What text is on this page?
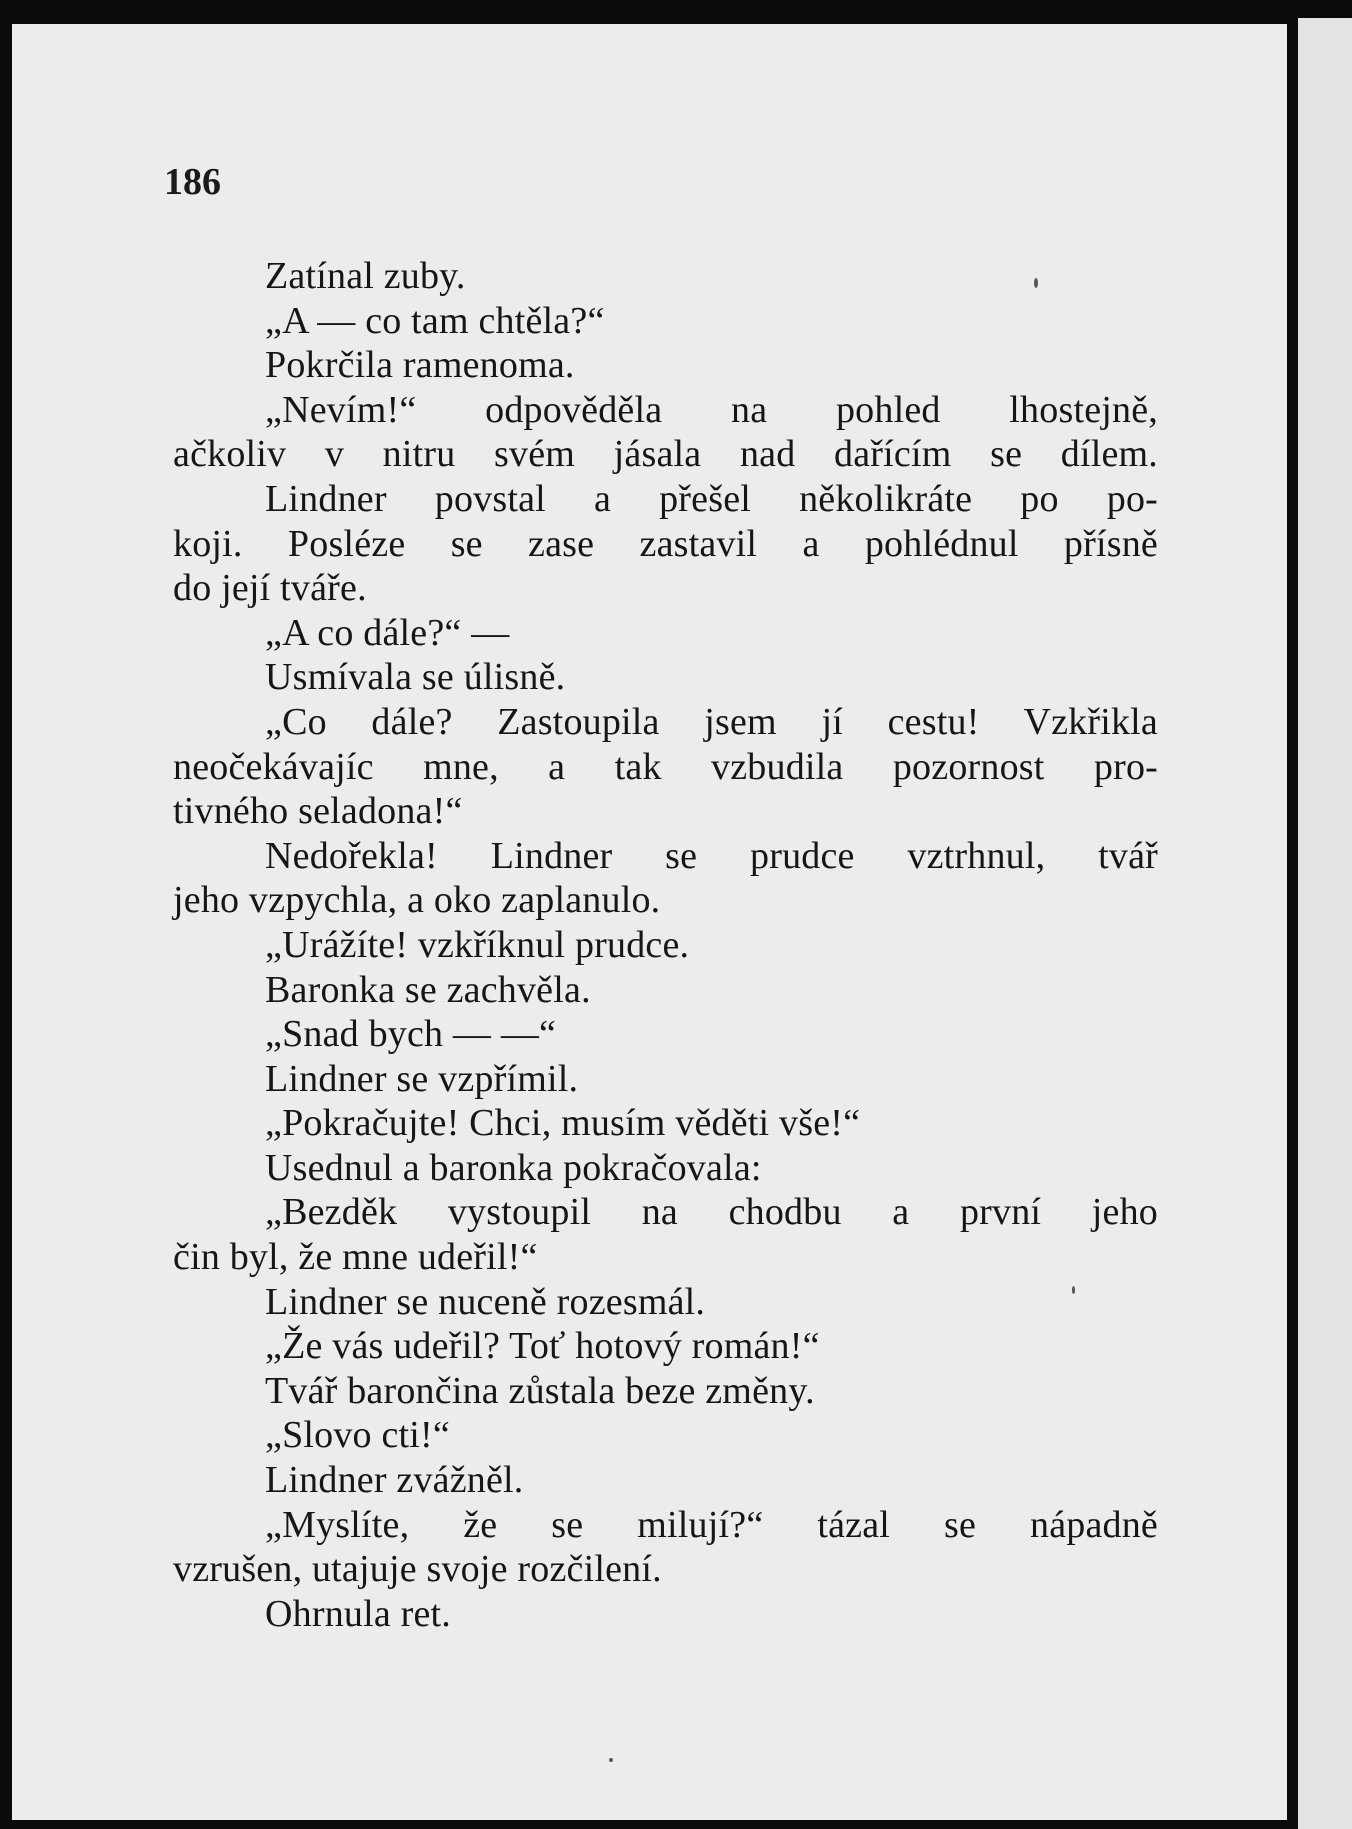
186
Zatínal zuby.
„A — co tam chtěla?“
Pokrčila ramenoma.
„Nevím!“ odpověděla na pohled lhostejně,
ačkoliv v nitru svém jásala nad dařícím se dílem.
Lindner povstal a přešel několikráte po po-
koji. Posléze se zase zastavil a pohlédnul přísně
do její tváře.
„A co dále?“ —
Usmívala se úlisně.
„Co dále? Zastoupila jsem jí cestu! Vzkřikla
neočekávajíc mne, a tak vzbudila pozornost pro-
tivného seladona!“
Nedořekla! Lindner se prudce vztrhnul, tvář
jeho vzpychla, a oko zaplanulo.
„Urážíte! vzkříknul prudce.
Baronka se zachvěla.
„Snad bych — —“
Lindner se vzpřímil.
„Pokračujte! Chci, musím věděti vše!“
Usednul a baronka pokračovala:
„Bezděk vystoupil na chodbu a první jeho
čin byl, že mne udeřil!“
Lindner se nuceně rozesmál.
„Že vás udeřil? Toť hotový román!“
Tvář barončina zůstala beze změny.
„Slovo cti!“
Lindner zvážněl.
„Myslíte, že se milují?“ tázal se nápadně
vzrušen, utajuje svoje rozčilení.
Ohrnula ret.
